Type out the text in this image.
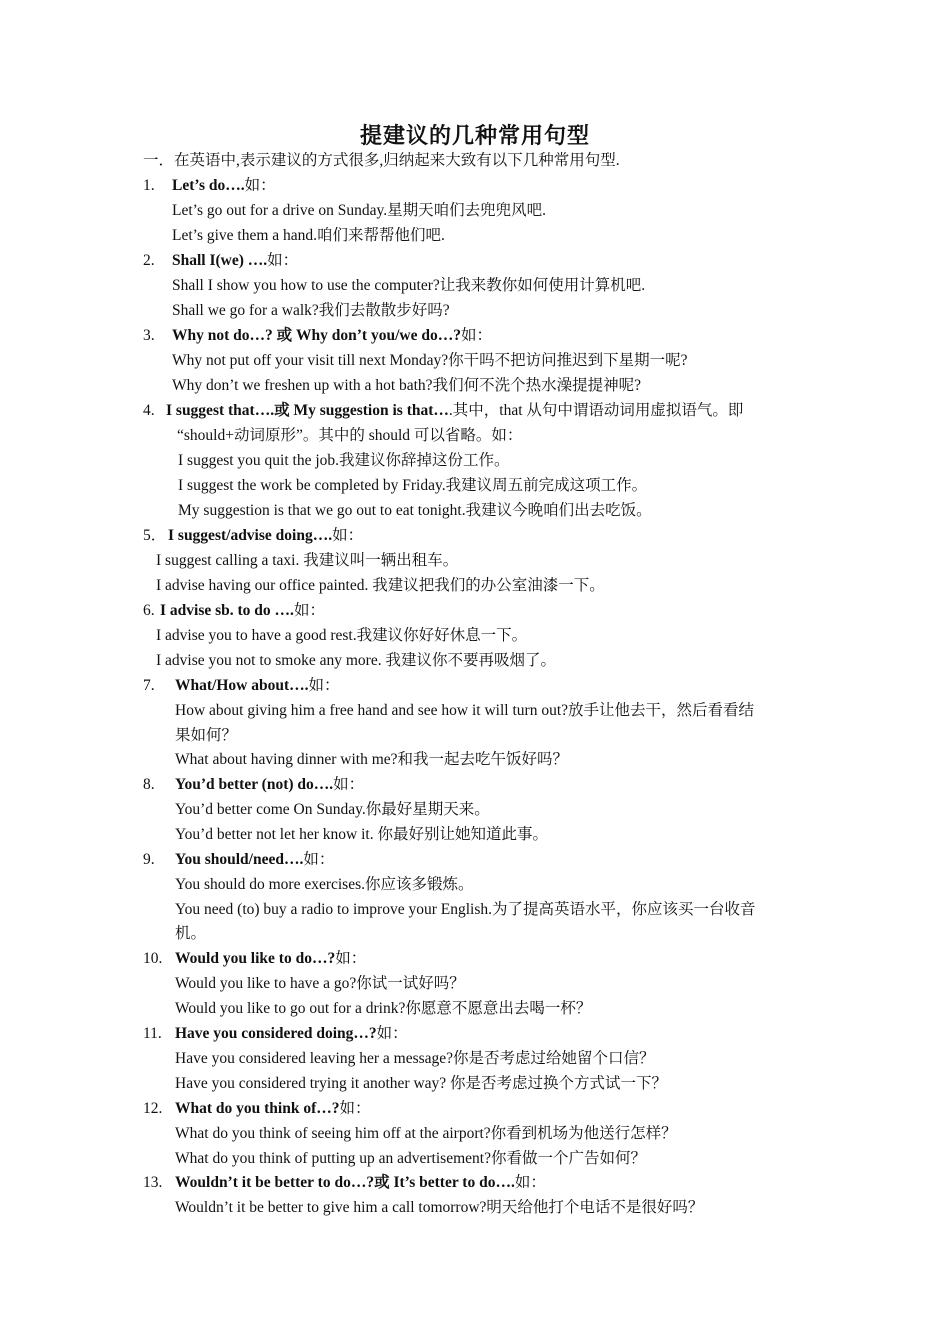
提建议的几种常用句型
一．在英语中,表示建议的方式很多,归纳起来大致有以下几种常用句型.
1. Let’s do….如：
Let’s go out for a drive on Sunday.星期天咱们去兜兜风吧.
Let’s give them a hand.咱们来帮帮他们吧.
2. Shall I(we) ….如：
Shall I show you how to use the computer?让我来教你如何使用计算机吧.
Shall we go for a walk?我们去散散步好吗?
3. Why not do…? 或 Why don’t you/we do…?如：
Why not put off your visit till next Monday?你干吗不把访问推迟到下星期一呢?
Why don’t we freshen up with a hot bath?我们何不洗个热水澡提提神呢?
4. I suggest that….或 My suggestion is that….其中，that 从句中谓语动词用虚拟语气。即
“should+动词原形”。其中的 should 可以省略。如：
I suggest you quit the job.我建议你辞掉这份工作。
I suggest the work be completed by Friday.我建议周五前完成这项工作。
My suggestion is that we go out to eat tonight.我建议今晚咱们出去吃饭。
5． I suggest/advise doing….如：
I suggest calling a taxi. 我建议叫一辆出租车。
I advise having our office painted. 我建议把我们的办公室油漆一下。
6. I advise sb. to do ….如：
I advise you to have a good rest.我建议你好好休息一下。
I advise you not to smoke any more. 我建议你不要再吸烟了。
7. What/How about….如：
How about giving him a free hand and see how it will turn out?放手让他去干，然后看看结
果如何？
What about having dinner with me?和我一起去吃午饭好吗？
8. You’d better (not) do….如：
You’d better come On Sunday.你最好星期天来。
You’d better not let her know it. 你最好别让她知道此事。
9. You should/need….如：
You should do more exercises.你应该多锻炼。
You need (to) buy a radio to improve your English.为了提高英语水平，你应该买一台收音
机。
10. Would you like to do…?如：
Would you like to have a go?你试一试好吗？
Would you like to go out for a drink?你愿意不愿意出去喝一杯？
11. Have you considered doing…?如：
Have you considered leaving her a message?你是否考虑过给她留个口信？
Have you considered trying it another way? 你是否考虑过换个方式试一下？
12. What do you think of…?如：
What do you think of seeing him off at the airport?你看到机场为他送行怎样？
What do you think of putting up an advertisement?你看做一个广告如何？
13. Wouldn’t it be better to do…?或 It’s better to do….如：
Wouldn’t it be better to give him a call tomorrow?明天给他打个电话不是很好吗？
